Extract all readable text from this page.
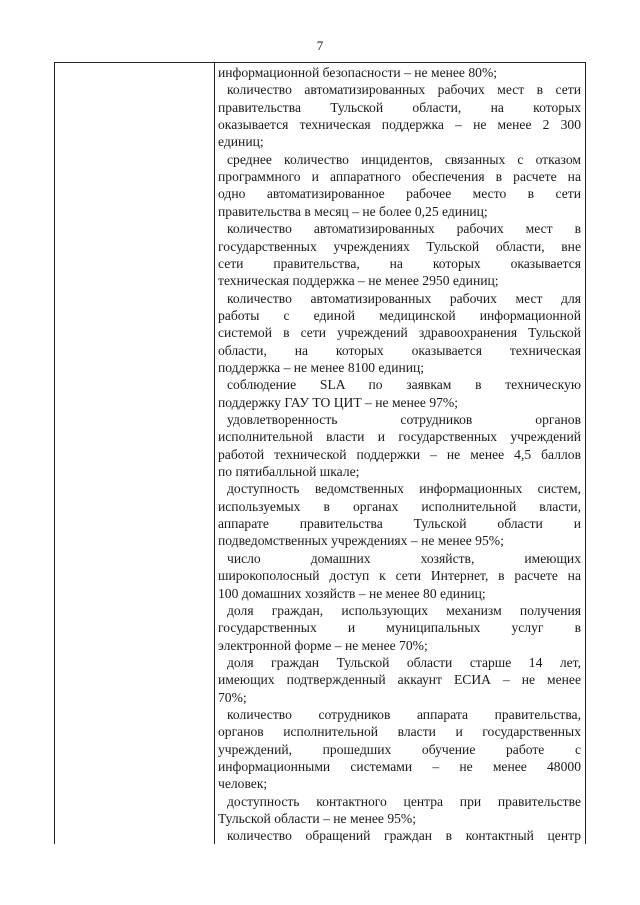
7
информационной безопасности – не менее 80%;
количество автоматизированных рабочих мест в сети
правительства Тульской области, на которых
оказывается техническая поддержка – не менее 2 300
единиц;
среднее количество инцидентов, связанных с отказом
программного и аппаратного обеспечения в расчете на
одно автоматизированное рабочее место в сети
правительства в месяц – не более 0,25 единиц;
количество автоматизированных рабочих мест в
государственных учреждениях Тульской области, вне
сети правительства, на которых оказывается
техническая поддержка – не менее 2950 единиц;
количество автоматизированных рабочих мест для
работы с единой медицинской информационной
системой в сети учреждений здравоохранения Тульской
области, на которых оказывается техническая
поддержка – не менее 8100 единиц;
соблюдение SLA по заявкам в техническую
поддержку ГАУ ТО ЦИТ – не менее 97%;
удовлетворенность сотрудников органов
исполнительной власти и государственных учреждений
работой технической поддержки – не менее 4,5 баллов
по пятибалльной шкале;
доступность ведомственных информационных систем,
используемых в органах исполнительной власти,
аппарате правительства Тульской области и
подведомственных учреждениях – не менее 95%;
число домашних хозяйств, имеющих
широкополосный доступ к сети Интернет, в расчете на
100 домашних хозяйств – не менее 80 единиц;
доля граждан, использующих механизм получения
государственных и муниципальных услуг в
электронной форме – не менее 70%;
доля граждан Тульской области старше 14 лет,
имеющих подтвержденный аккаунт ЕСИА – не менее
70%;
количество сотрудников аппарата правительства,
органов исполнительной власти и государственных
учреждений, прошедших обучение работе с
информационными системами – не менее 48000
человек;
доступность контактного центра при правительстве
Тульской области – не менее 95%;
количество обращений граждан в контактный центр
